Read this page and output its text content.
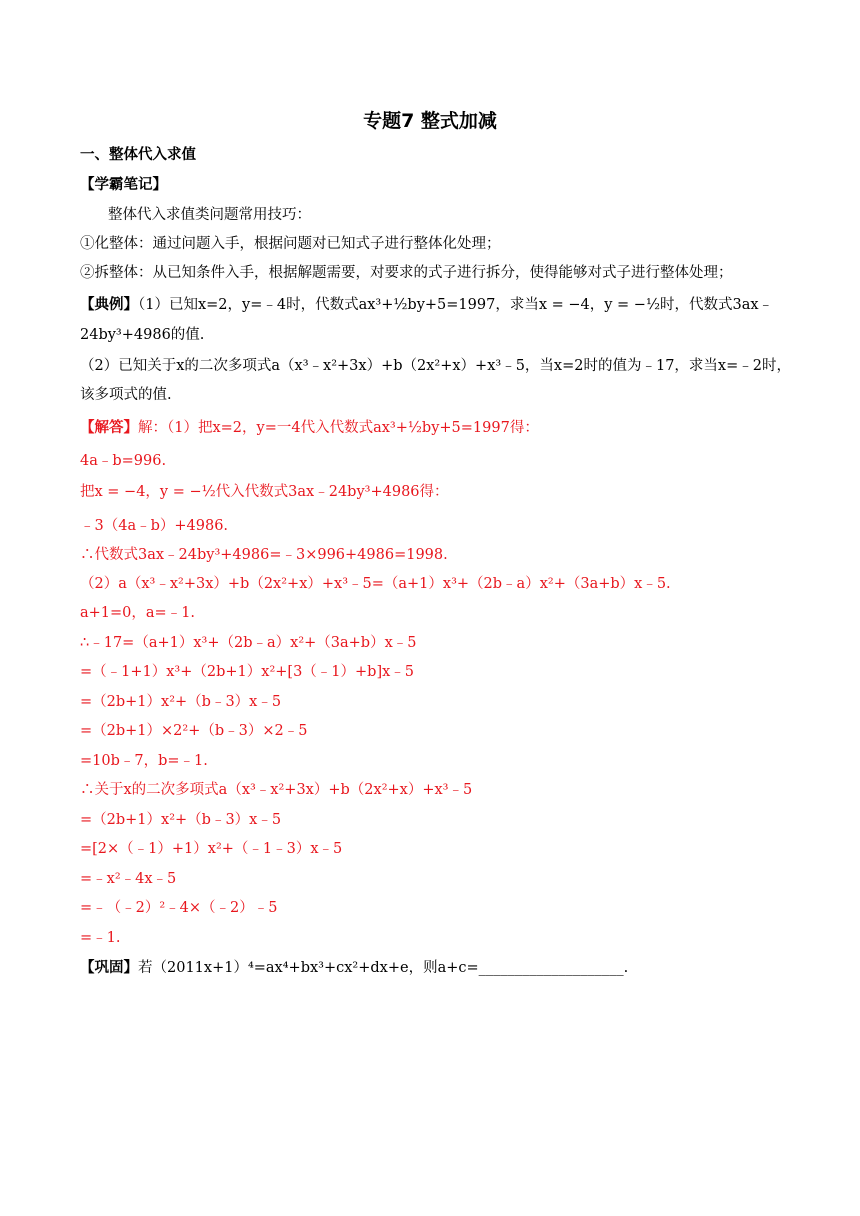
专题7 整式加减
一、整体代入求值
【学霸笔记】
整体代入求值类问题常用技巧：
①化整体：通过问题入手，根据问题对已知式子进行整体化处理；
②拆整体：从已知条件入手，根据解题需要，对要求的式子进行拆分，使得能够对式子进行整体处理；
【典例】（1）已知x=2，y=﹣4时，代数式ax³+½by+5=1997，求当x = −4，y = −½时，代数式3ax﹣
24by³+4986的值.
（2）已知关于x的二次多项式a（x³﹣x²+3x）+b（2x²+x）+x³﹣5，当x=2时的值为﹣17，求当x=﹣2时，
该多项式的值.
【解答】解：（1）把x=2，y=一4代入代数式ax³+½by+5=1997得：
4a﹣b=996.
把x = −4，y = −½代入代数式3ax﹣24by³+4986得：
﹣3（4a﹣b）+4986.
∴代数式3ax﹣24by³+4986=﹣3×996+4986=1998.
（2）a（x³﹣x²+3x）+b（2x²+x）+x³﹣5=（a+1）x³+（2b﹣a）x²+（3a+b）x﹣5.
a+1=0，a=﹣1.
∴﹣17=（a+1）x³+（2b﹣a）x²+（3a+b）x﹣5
=（﹣1+1）x³+（2b+1）x²+[3（﹣1）+b]x﹣5
=（2b+1）x²+（b﹣3）x﹣5
=（2b+1）×2²+（b﹣3）×2﹣5
=10b﹣7，b=﹣1.
∴关于x的二次多项式a（x³﹣x²+3x）+b（2x²+x）+x³﹣5
=（2b+1）x²+（b﹣3）x﹣5
=[2×（﹣1）+1）x²+（﹣1﹣3）x﹣5
=﹣x²﹣4x﹣5
=﹣（﹣2）²﹣4×（﹣2）﹣5
=﹣1.
【巩固】若（2011x+1）⁴=ax⁴+bx³+cx²+dx+e，则a+c=____________________.
